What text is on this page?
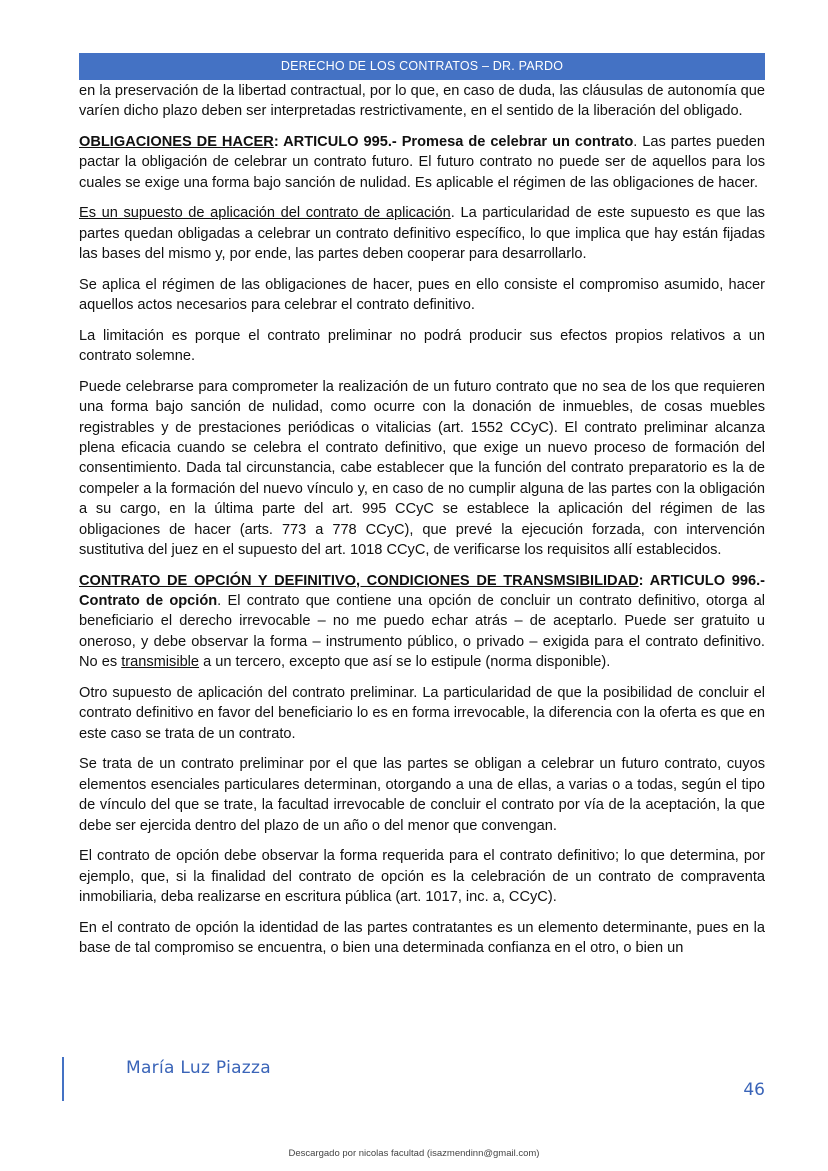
DERECHO DE LOS CONTRATOS – DR. PARDO

en la preservación de la libertad contractual, por lo que, en caso de duda, las cláusulas de autonomía que varíen dicho plazo deben ser interpretadas restrictivamente, en el sentido de la liberación del obligado.

OBLIGACIONES DE HACER: ARTICULO 995.- Promesa de celebrar un contrato. Las partes pueden pactar la obligación de celebrar un contrato futuro. El futuro contrato no puede ser de aquellos para los cuales se exige una forma bajo sanción de nulidad. Es aplicable el régimen de las obligaciones de hacer.

Es un supuesto de aplicación del contrato de aplicación. La particularidad de este supuesto es que las partes quedan obligadas a celebrar un contrato definitivo específico, lo que implica que hay están fijadas las bases del mismo y, por ende, las partes deben cooperar para desarrollarlo.

Se aplica el régimen de las obligaciones de hacer, pues en ello consiste el compromiso asumido, hacer aquellos actos necesarios para celebrar el contrato definitivo.

La limitación es porque el contrato preliminar no podrá producir sus efectos propios relativos a un contrato solemne.

Puede celebrarse para comprometer la realización de un futuro contrato que no sea de los que requieren una forma bajo sanción de nulidad, como ocurre con la donación de inmuebles, de cosas muebles registrables y de prestaciones periódicas o vitalicias (art. 1552 CCyC). El contrato preliminar alcanza plena eficacia cuando se celebra el contrato definitivo, que exige un nuevo proceso de formación del consentimiento. Dada tal circunstancia, cabe establecer que la función del contrato preparatorio es la de compeler a la formación del nuevo vínculo y, en caso de no cumplir alguna de las partes con la obligación a su cargo, en la última parte del art. 995 CCyC se establece la aplicación del régimen de las obligaciones de hacer (arts. 773 a 778 CCyC), que prevé la ejecución forzada, con intervención sustitutiva del juez en el supuesto del art. 1018 CCyC, de verificarse los requisitos allí establecidos.

CONTRATO DE OPCIÓN Y DEFINITIVO, CONDICIONES DE TRANSMSIBILIDAD: ARTICULO 996.- Contrato de opción. El contrato que contiene una opción de concluir un contrato definitivo, otorga al beneficiario el derecho irrevocable – no me puedo echar atrás – de aceptarlo. Puede ser gratuito u oneroso, y debe observar la forma – instrumento público, o privado – exigida para el contrato definitivo. No es transmisible a un tercero, excepto que así se lo estipule (norma disponible).

Otro supuesto de aplicación del contrato preliminar. La particularidad de que la posibilidad de concluir el contrato definitivo en favor del beneficiario lo es en forma irrevocable, la diferencia con la oferta es que en este caso se trata de un contrato.

Se trata de un contrato preliminar por el que las partes se obligan a celebrar un futuro contrato, cuyos elementos esenciales particulares determinan, otorgando a una de ellas, a varias o a todas, según el tipo de vínculo del que se trate, la facultad irrevocable de concluir el contrato por vía de la aceptación, la que debe ser ejercida dentro del plazo de un año o del menor que convengan.

El contrato de opción debe observar la forma requerida para el contrato definitivo; lo que determina, por ejemplo, que, si la finalidad del contrato de opción es la celebración de un contrato de compraventa inmobiliaria, deba realizarse en escritura pública (art. 1017, inc. a, CCyC).

En el contrato de opción la identidad de las partes contratantes es un elemento determinante, pues en la base de tal compromiso se encuentra, o bien una determinada confianza en el otro, o bien un

María Luz Piazza
46
Descargado por nicolas facultad (isazmendinn@gmail.com)
